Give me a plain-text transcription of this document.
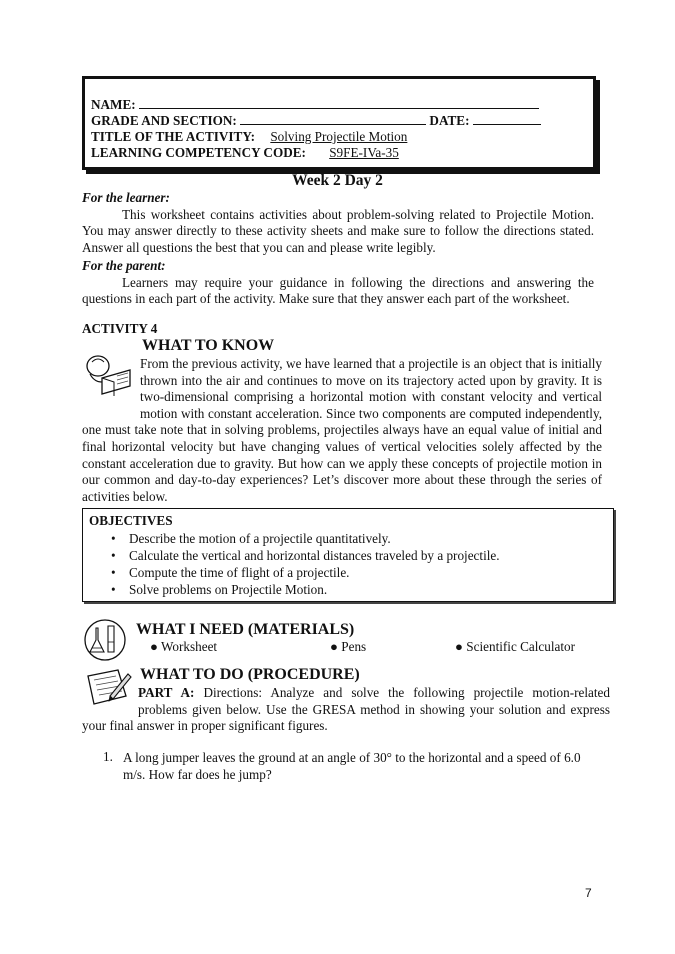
NAME:
GRADE AND SECTION:	DATE:
TITLE OF THE ACTIVITY: Solving Projectile Motion
LEARNING COMPETENCY CODE: S9FE-IVa-35
Week 2 Day 2
For the learner:
This worksheet contains activities about problem-solving related to Projectile Motion. You may answer directly to these activity sheets and make sure to follow the directions stated. Answer all questions the best that you can and please write legibly.
For the parent:
Learners may require your guidance in following the directions and answering the questions in each part of the activity. Make sure that they answer each part of the worksheet.
ACTIVITY 4
WHAT TO KNOW
From the previous activity, we have learned that a projectile is an object that is initially thrown into the air and continues to move on its trajectory acted upon by gravity. It is two-dimensional comprising a horizontal motion with constant velocity and vertical motion with constant acceleration. Since two components are computed independently, one must take note that in solving problems, projectiles always have an equal value of initial and final horizontal velocity but have changing values of vertical velocities solely affected by the constant acceleration due to gravity. But how can we apply these concepts of projectile motion in our common and day-to-day experiences? Let’s discover more about these through the series of activities below.
OBJECTIVES
• Describe the motion of a projectile quantitatively.
• Calculate the vertical and horizontal distances traveled by a projectile.
• Compute the time of flight of a projectile.
• Solve problems on Projectile Motion.
WHAT I NEED (MATERIALS)
● Worksheet	● Pens	● Scientific Calculator
WHAT TO DO (PROCEDURE)
PART A: Directions: Analyze and solve the following projectile motion-related problems given below. Use the GRESA method in showing your solution and express your final answer in proper significant figures.
1. A long jumper leaves the ground at an angle of 30° to the horizontal and a speed of 6.0 m/s. How far does he jump?
7
